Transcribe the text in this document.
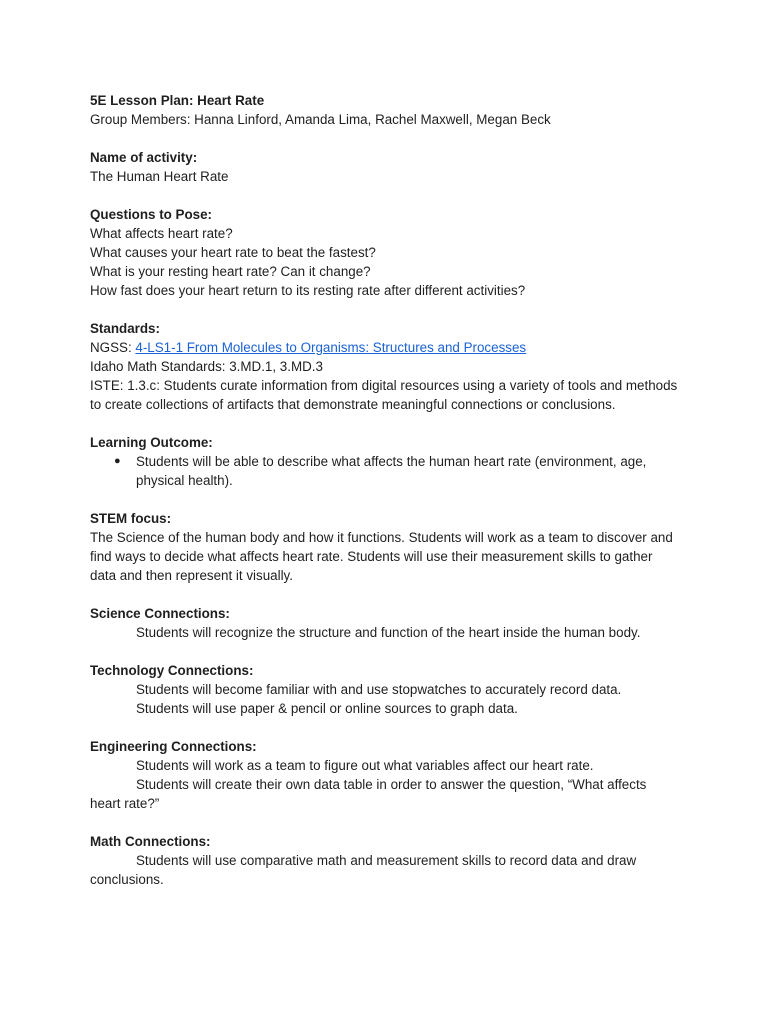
5E Lesson Plan: Heart Rate

Group Members: Hanna Linford, Amanda Lima, Rachel Maxwell, Megan Beck

Name of activity:

The Human Heart Rate

Questions to Pose:

What affects heart rate?

What causes your heart rate to beat the fastest?

What is your resting heart rate? Can it change?

How fast does your heart return to its resting rate after different activities?

Standards:

NGSS: 4-LS1-1 From Molecules to Organisms: Structures and Processes

Idaho Math Standards: 3.MD.1, 3.MD.3

ISTE: 1.3.c: Students curate information from digital resources using a variety of tools and methods to create collections of artifacts that demonstrate meaningful connections or conclusions.

Learning Outcome:

● Students will be able to describe what affects the human heart rate (environment, age, physical health).

STEM focus:

The Science of the human body and how it functions. Students will work as a team to discover and find ways to decide what affects heart rate. Students will use their measurement skills to gather data and then represent it visually.

Science Connections:

Students will recognize the structure and function of the heart inside the human body.

Technology Connections:

Students will become familiar with and use stopwatches to accurately record data.

Students will use paper & pencil or online sources to graph data.

Engineering Connections:

Students will work as a team to figure out what variables affect our heart rate.

Students will create their own data table in order to answer the question, “What affects heart rate?”

Math Connections:

Students will use comparative math and measurement skills to record data and draw conclusions.
